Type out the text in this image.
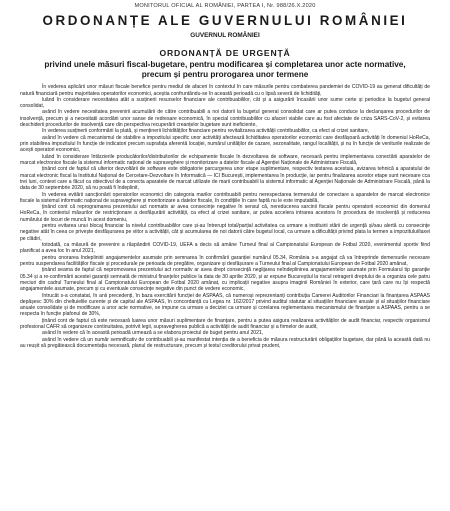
MONITORUL OFICIAL AL ROMÂNIEI, PARTEA I, Nr. 988/26.X.2020
ORDONANȚE ALE GUVERNULUI ROMÂNIEI
GUVERNUL ROMÂNIEI
ORDONANȚĂ DE URGENȚĂ
privind unele măsuri fiscal-bugetare, pentru modificarea și completarea unor acte normative,
precum și pentru prorogarea unor termene

În vederea aplicării unor măsuri fiscale benefice pentru mediul de afaceri în contextul în care măsurile pentru combaterea pandemiei de COVID-19 au generat dificultăți de natură financiară pentru majoritatea operatorilor economici, aceștia confruntându-se în această perioadă cu o lipsă severă de lichidități,

luând în considerare necesitatea atât a susținerii resurselor financiare ale contribuabililor, cât și a asigurării încasării unor sume certe și periodice la bugetul general consolidat,

având în vedere necesitatea prevenirii acumulării de către contribuabili a noi datorii la bugetul general consolidat care ar putea conduce la declanșarea procedurilor de insolvență, precum și a necesitatii acordării unor sanse de redresare economică, în special contribuabililor cu afaceri viabile care au fost afectate de criza SARS-CoV-2, și evitarea deschiderii procedurilor de insolvență care din perspectiva recuperării creanțelor bugetare sunt ineficiente,

în vederea susținerii conformării la plată, și menținerii lichidităților financiare pentru revitalizarea activității contribuabililor, ca efect al crizei sanitare,

având în vedere că mecanismul de stabilire a impozitului specific unor activități afectează lichiditatea operatorilor economici care desfășoară activități în domeniul HoReCa, prin stabilirea impozitului în funcție de indicatori precum suprafața aferentă locației, numărul unităților de cazare, sezonalitate, rangul localității, și nu în funcție de veniturile realizate de acești operatori economici,

luând în considerare întârzierile producătorilor/distribuitorilor de echipamente fiscale în dezvoltarea de software, necesară pentru implementarea conectării aparatelor de marcat electronice fiscale la sistemul informatic național de supraveghere și monitorizare a datelor fiscale al Agenției Naționale de Administrare Fiscală,

ținând cont de faptul că ulterior dezvoltării de software este obligatorie parcurgerea unor etape suplimentare, respectiv testarea acestuia, avizarea tehnică a aparatului de marcat electronic fiscal la Institutul Național de Cercetare-Dezvoltare în Informatică — ICI București, implementarea în producție, iar pentru finalizarea acestor etape sunt necesare cca trei luni, context care a făcut ca obiectivul de a conecta aparatele de marcat utilizate de marii contribuabili la sistemul informatic al Agenției Naționale de Administrare Fiscală, până la data de 30 septembrie 2020, să nu poată fi îndeplinit,

în vederea evitării sancționării operatorilor economici din categoria marilor contribuabili pentru nerespectarea termenului de conectare a aparatelor de marcat electronice fiscale la sistemul informatic național de supraveghere și monitorizare a datelor fiscale, în condițiile în care faptă nu le este imputabilă,

ținând cont că reprogramarea prezentului act normativ ar avea consecințe negative în sensul că, nereducerea sarcinii fiscale pentru operatorii economici din domeniul HoReCa, în contextul măsurilor de restricționare a desfășurării activității, ca efect al crizei sanitare, ar putea accelera intrarea acestora în procedura de insolvență și reducerea numărului de locuri de muncă în acest domeniu,

pentru evitarea unui blocaj financiar la nivelul contribuabililor care și-au întrerupt total/parțial activitatea ca urmare a instituirii stării de urgență și/sau alertă cu consecințe negative atât în ceea ce privește desfășurarea pe viitor a activității, cât și acumularea de noi datorii către bugetul local, ca urmare a dificultății privind plata la termen a impozitului/taxei pe clădiri,

totodată, ca măsură de prevenire a răspândirii COVID-19, UEFA a decis să amâne Turneul final al Campionatului European de Fotbal 2020, evenimentul sportiv fiind planificat a avea loc în anul 2021,

pentru onorarea îndeplinirii angajamentelor asumate prin semnarea în confirmării garanției numărul 05.34, România s-a angajat că va întreprinde demersurile necesare pentru suspendarea facilităților fiscale și procedurale pe perioada de pregătire, organizare și desfășurare a Turneului final al Campionatului European de Fotbal 2020 amânat,

ținând seama de faptul că nepromovarea prezentului act normativ ar avea drept consecință neglijarea neîndeplinirea angajamentelor asumate prin Formularul tip garanție 05.34 și a re-confirmării acestei garanții semnată de ministrul finanțelor publice la data de 30 aprilie 2020, și ar expune Bucureștiul la riscul retragerii dreptului de a organiza cele patru meciuri din cadrul Turneului final al Campionatului European de Fotbal 2020 amânat, cu implicații negative asupra imaginii României în exterior, care țară care nu își respectă angajamentele asumate, precum și cu eventuale consecințe negative din punct de vedere economic,

întrucât s-a constatat, în anii precedenți, în baza exercitării funcției de ASPAAS, că numeroși reprezentanți contribuția Camerei Auditorilor Financiari la finanțarea ASPAAS depășesc 30% din cheltuielile curente și de capital ale ASPAAS, în concordanță cu Legea nr. 162/2017 privind auditul statutar al situațiilor financiare anuale și al situațiilor financiare anuale consolidate și de modificare a unor acte normative, se impune ca urmare a deciziei ca urmare și corelarea reglementarea mecanismului de finanțare a ASPAAS, pentru a se respecta în funcție plafonul de 30%,

ținând cont de faptul că este necesară luarea unor măsuri suplimentare de finanțare, pentru a putea asigura realizarea activităților de audit financiar, respectiv organismul profesional CAFR să organizeze continuitatea, potrivit legii, supravegherea publică a activității de audit financiar și a firmelor de audit,

având în vedere că în această perioadă urmează a se elabora proiectul de buget pentru anul 2021,

având în vedere că un număr semnificativ de contribuabili și-au manifestat intenția de a beneficia de măsura restructurării obligațiilor bugetare, dar până la această dată nu au reușit să pregătească documentația necesară, planul de restructurare, precum și testul creditorului privat prudent,
